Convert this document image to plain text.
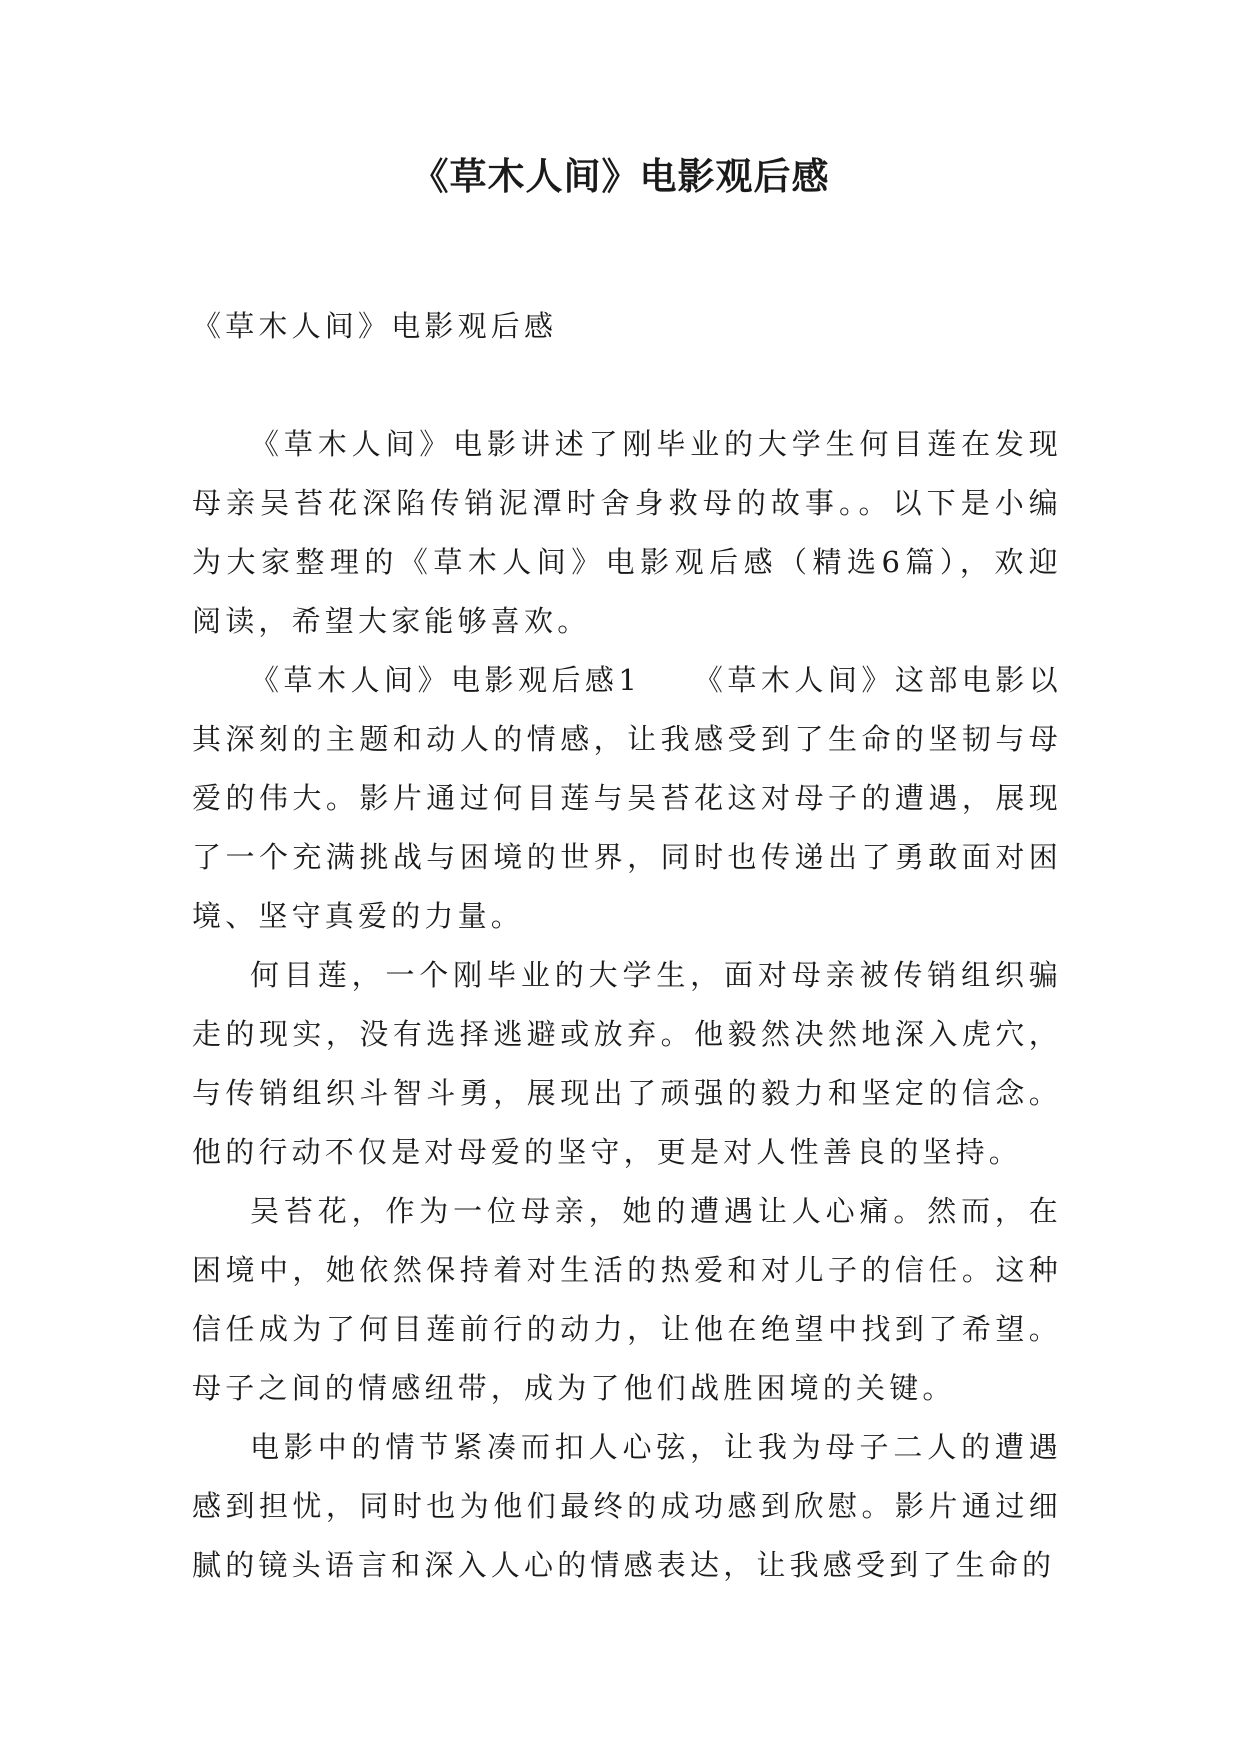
《草木人间》电影观后感

《草木人间》电影观后感

《草木人间》电影讲述了刚毕业的大学生何目莲在发现母亲吴苔花深陷传销泥潭时舍身救母的故事。。以下是小编为大家整理的《草木人间》电影观后感（精选6篇），欢迎阅读，希望大家能够喜欢。

《草木人间》电影观后感1　　《草木人间》这部电影以其深刻的主题和动人的情感，让我感受到了生命的坚韧与母爱的伟大。影片通过何目莲与吴苔花这对母子的遭遇，展现了一个充满挑战与困境的世界，同时也传递出了勇敢面对困境、坚守真爱的力量。

何目莲，一个刚毕业的大学生，面对母亲被传销组织骗走的现实，没有选择逃避或放弃。他毅然决然地深入虎穴，与传销组织斗智斗勇，展现出了顽强的毅力和坚定的信念。他的行动不仅是对母爱的坚守，更是对人性善良的坚持。

吴苔花，作为一位母亲，她的遭遇让人心痛。然而，在困境中，她依然保持着对生活的热爱和对儿子的信任。这种信任成为了何目莲前行的动力，让他在绝望中找到了希望。母子之间的情感纽带，成为了他们战胜困境的关键。

电影中的情节紧凑而扣人心弦，让我为母子二人的遭遇感到担忧，同时也为他们最终的成功感到欣慰。影片通过细腻的镜头语言和深入人心的情感表达，让我感受到了生命的
